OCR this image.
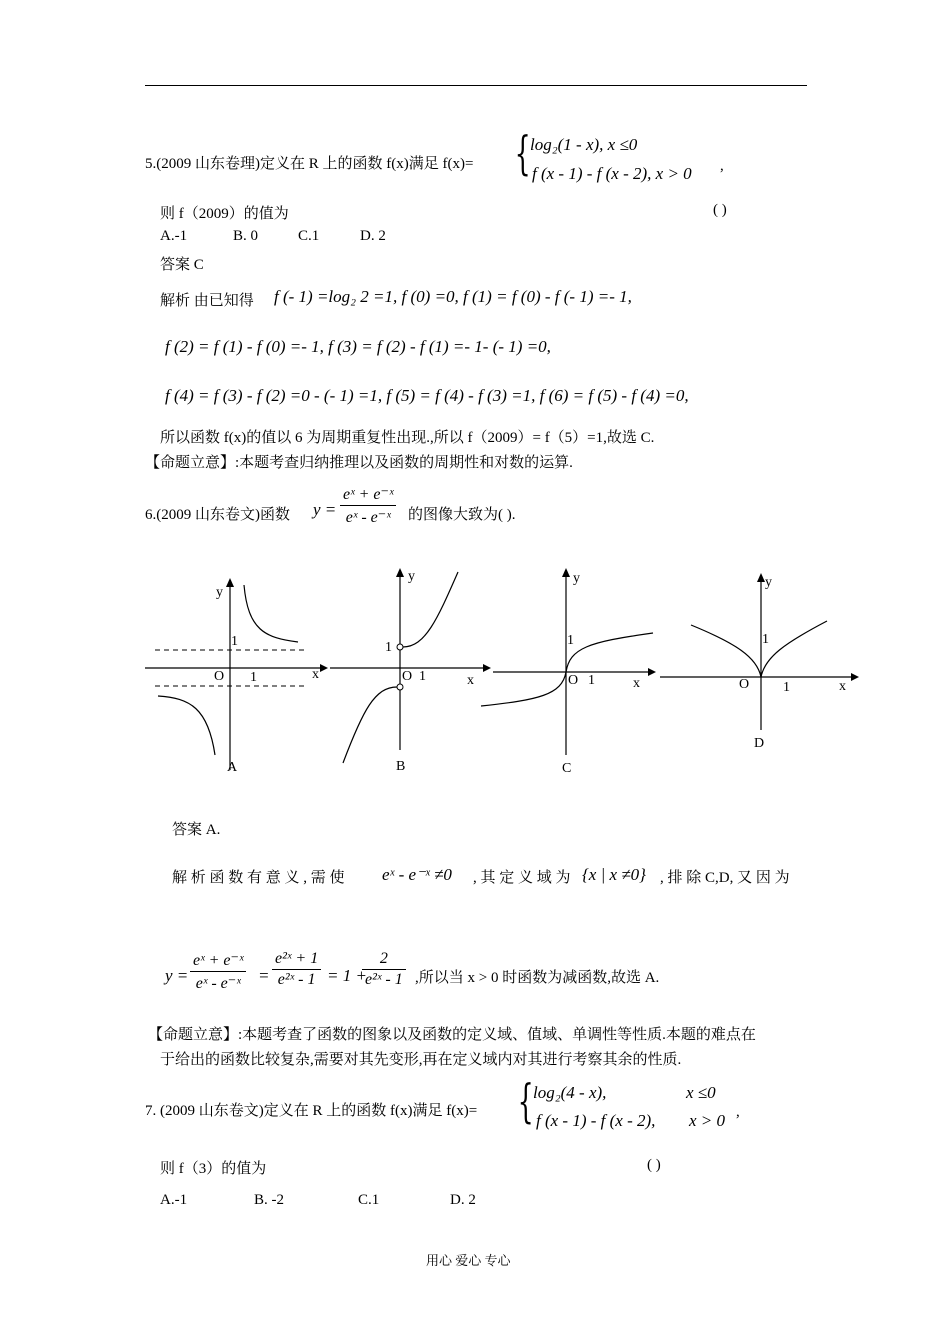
5.(2009 山东卷理)定义在 R 上的函数 f(x)满足 f(x)= { log₂(1 - x), x ≤0
f (x - 1) - f (x - 2), x > 0 ,
则 f（2009）的值为	( )
A.-1	B. 0	C.1	D. 2
答案 C
解析 由已知得 f (- 1) =log₂ 2 =1, f (0) =0, f (1) = f (0) - f (- 1) =- 1,
f (2) = f (1) - f (0) =- 1, f (3) = f (2) - f (1) =- 1- (- 1) =0,
f (4) = f (3) - f (2) =0 - (- 1) =1, f (5) = f (4) - f (3) =1, f (6) = f (5) - f (4) =0,
所以函数 f(x)的值以 6 为周期重复性出现.,所以 f（2009）= f（5）=1,故选 C.
【命题立意】:本题考查归纳推理以及函数的周期性和对数的运算.
6.(2009 山东卷文)函数 $y = \frac{\text{eˣ + e⁻ˣ}}{\text{eˣ - e⁻ˣ}}$ 的图像大致为( ).
y
x
O 1
1
A
y
x
O 1
1
B
y
x
O 1
1
C
y
x
O 1
1
D
答案 A.
解 析 函 数 有 意 义 , 需 使 eˣ - e⁻ˣ ≠0 , 其 定 义 域 为 {x | x ≠0} , 排 除 C,D, 又 因 为
$y = \frac{\text{eˣ + e⁻ˣ}}{\text{eˣ - e⁻ˣ}} = \frac{\text{e²ˣ + 1}}{\text{e²ˣ - 1}} = 1$ +
$\frac{2}{\text{e²ˣ - 1}}$ ,所以当 x > 0 时函数为减函数,故选 A.
【命题立意】:本题考查了函数的图象以及函数的定义域、值域、单调性等性质.本题的难点在
于给出的函数比较复杂,需要对其先变形,再在定义域内对其进行考察其余的性质.
7. (2009 山东卷文)定义在 R 上的函数 f(x)满足 f(x)= { log₂(4 - x),	x ≤0
f (x - 1) - f (x - 2), x > 0 ,
则 f（3）的值为	( )
A.-1	B. -2	C.1	D. 2
用心 爱心 专心
